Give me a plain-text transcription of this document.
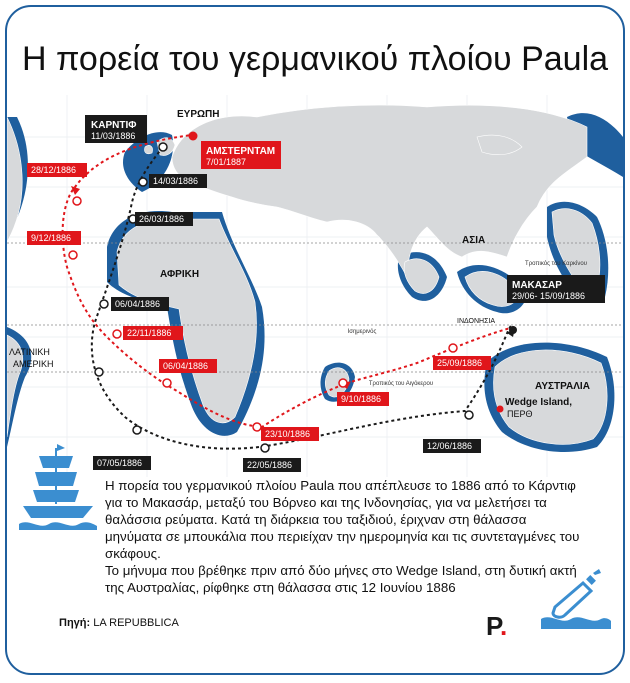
Η πορεία του γερμανικού πλοίου Paula
Τροπικός του Καρκίνου
Ισημερινός
Τροπικός του Αιγόκερου
ΕΥΡΩΠΗ
ΑΣΙΑ
ΑΦΡΙΚΗ
ΑΥΣΤΡΑΛΙΑ
ΙΝΔΟΝΗΣΙΑ
ΛΑΤΙΝΙΚΗ
ΑΜΕΡΙΚΗ
ΚΑΡΝΤΙΦ
11/03/1886
ΑΜΣΤΕΡΝΤΑΜ
7/01/1887
ΜΑΚΑΣΑΡ
29/06- 15/09/1886
Wedge Island,
ΠΕΡΘ
14/03/1886
26/03/1886
06/04/1886
07/05/1886	22/05/1886
12/06/1886
25/09/1886
9/10/1886
23/10/1886
06/04/1886
22/11/1886
9/12/1886
28/12/1886

Η πορεία του γερμανικού πλοίου Paula που απέπλευσε το 1886 από το Κάρντιφ για το Μακασάρ, μεταξύ του Βόρνεο και της Ινδονησίας, για να μελετήσει τα θαλάσσια ρεύματα. Κατά τη διάρκεια του ταξιδιού, έριχναν στη θάλασσα μηνύματα σε μπουκάλια που περιείχαν την ημερομηνία και τις συντεταγμένες του σκάφους.

Το μήνυμα που βρέθηκε πριν από δύο μήνες στο Wedge Island, στη δυτική ακτή της Αυστραλίας, ρίφθηκε στη θάλασσα στις 12 Ιουνίου 1886

Πηγή: LA REPUBBLICA	P.
